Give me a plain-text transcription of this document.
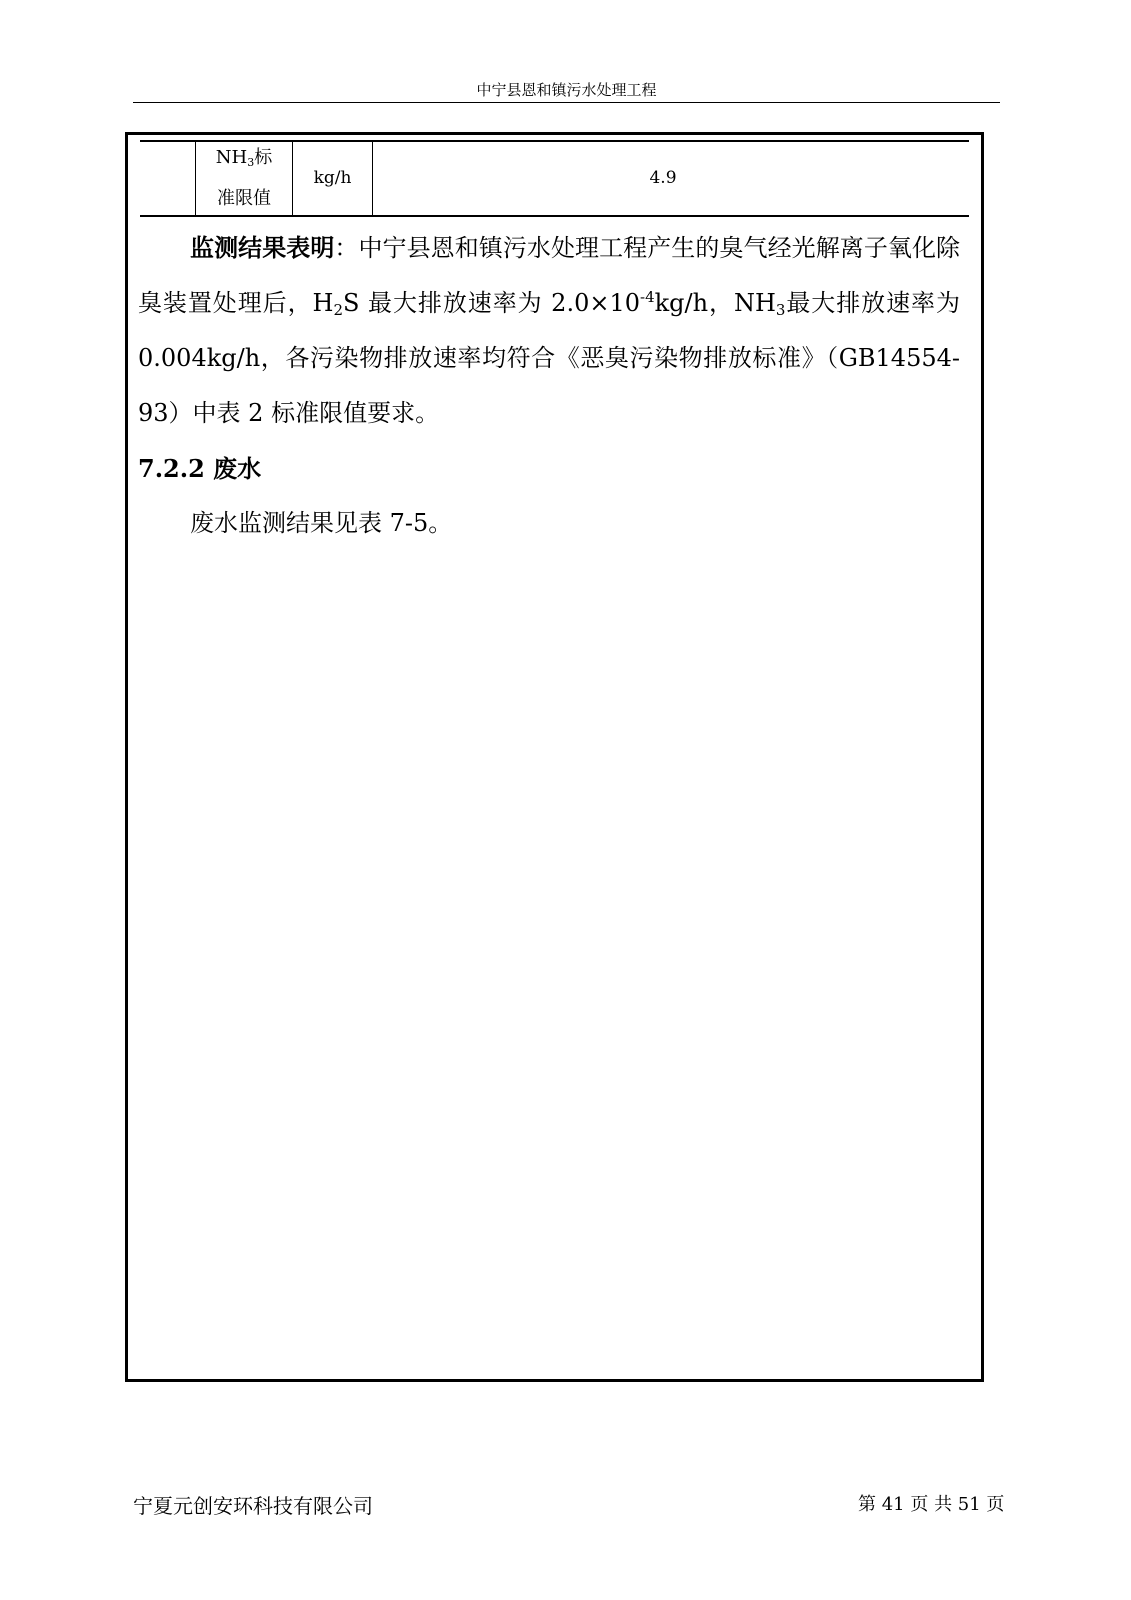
中宁县恩和镇污水处理工程
$NH_3$标
准限值
kg/h	4.9

监测结果表明：中宁县恩和镇污水处理工程产生的臭气经光解离子氧化除臭装置处理后，$H_2S$ 最大排放速率为 $2.0\times 10^{-4}kg/h$，$NH_3$最大排放速率为 0.004kg/h，各污染物排放速率均符合《恶臭污染物排放标准》（GB14554-93）中表 2 标准限值要求。

7.2.2 废水

废水监测结果见表 7-5。

宁夏元创安环科技有限公司	第 41 页 共 51 页
